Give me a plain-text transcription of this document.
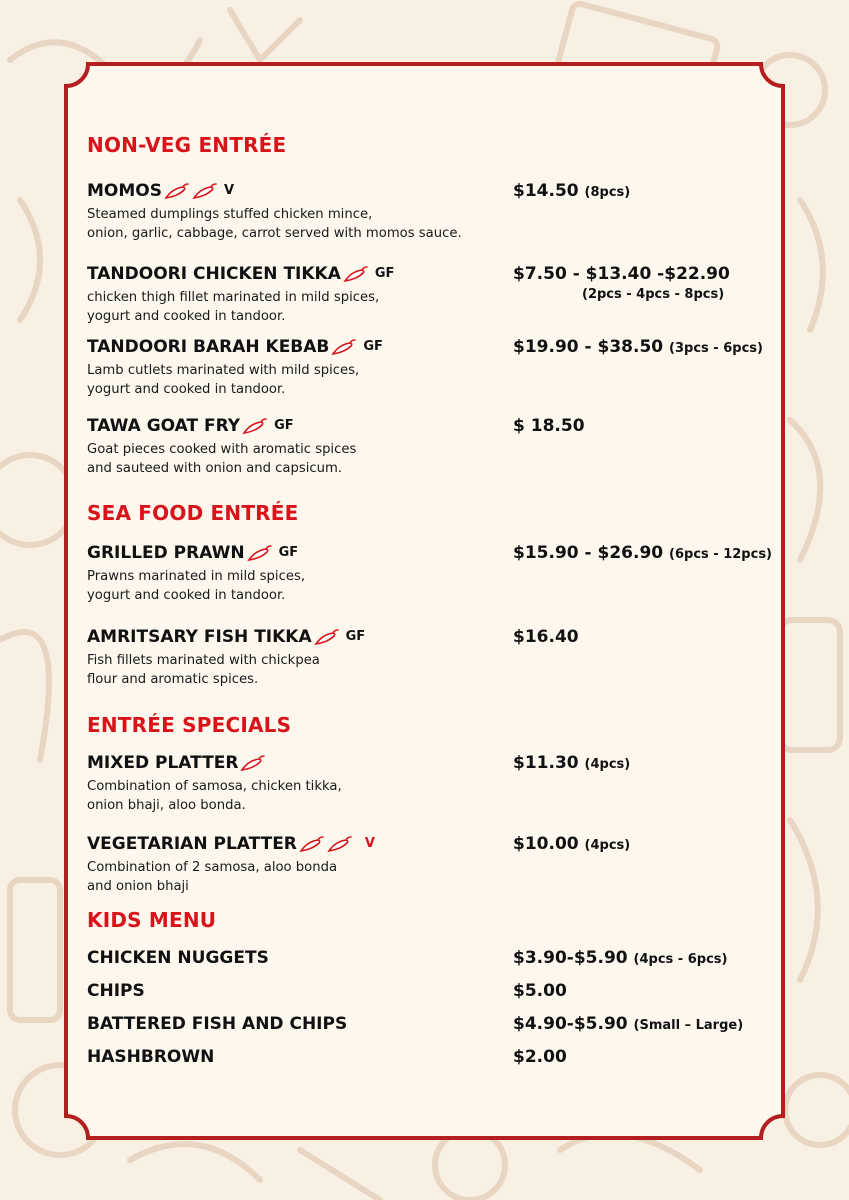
NON-VEG ENTRÉE
MOMOS	V
Steamed dumplings stuffed chicken mince,
onion, garlic, cabbage, carrot served with momos sauce.
$14.50 (8pcs)
TANDOORI CHICKEN TIKKA	GF
chicken thigh fillet marinated in mild spices,
yogurt and cooked in tandoor.
$7.50 - $13.40 -$22.90
(2pcs - 4pcs - 8pcs)
TANDOORI BARAH KEBAB	GF
Lamb cutlets marinated with mild spices,
yogurt and cooked in tandoor.
$19.90 - $38.50 (3pcs - 6pcs)
TAWA GOAT FRY	GF
Goat pieces cooked with aromatic spices
and sauteed with onion and capsicum.
$ 18.50
SEA FOOD ENTRÉE
GRILLED PRAWN	GF
Prawns marinated in mild spices,
yogurt and cooked in tandoor.
$15.90 - $26.90 (6pcs - 12pcs)
AMRITSARY FISH TIKKA	GF
Fish fillets marinated with chickpea
flour and aromatic spices.
$16.40
ENTRÉE SPECIALS
MIXED PLATTER
Combination of samosa, chicken tikka,
onion bhaji, aloo bonda.
$11.30 (4pcs)
VEGETARIAN PLATTER	V
Combination of 2 samosa, aloo bonda
and onion bhaji
$10.00 (4pcs)
KIDS MENU
CHICKEN NUGGETS	$3.90-$5.90 (4pcs - 6pcs)
CHIPS	$5.00
BATTERED FISH AND CHIPS	$4.90-$5.90 (Small – Large)
HASHBROWN	$2.00
